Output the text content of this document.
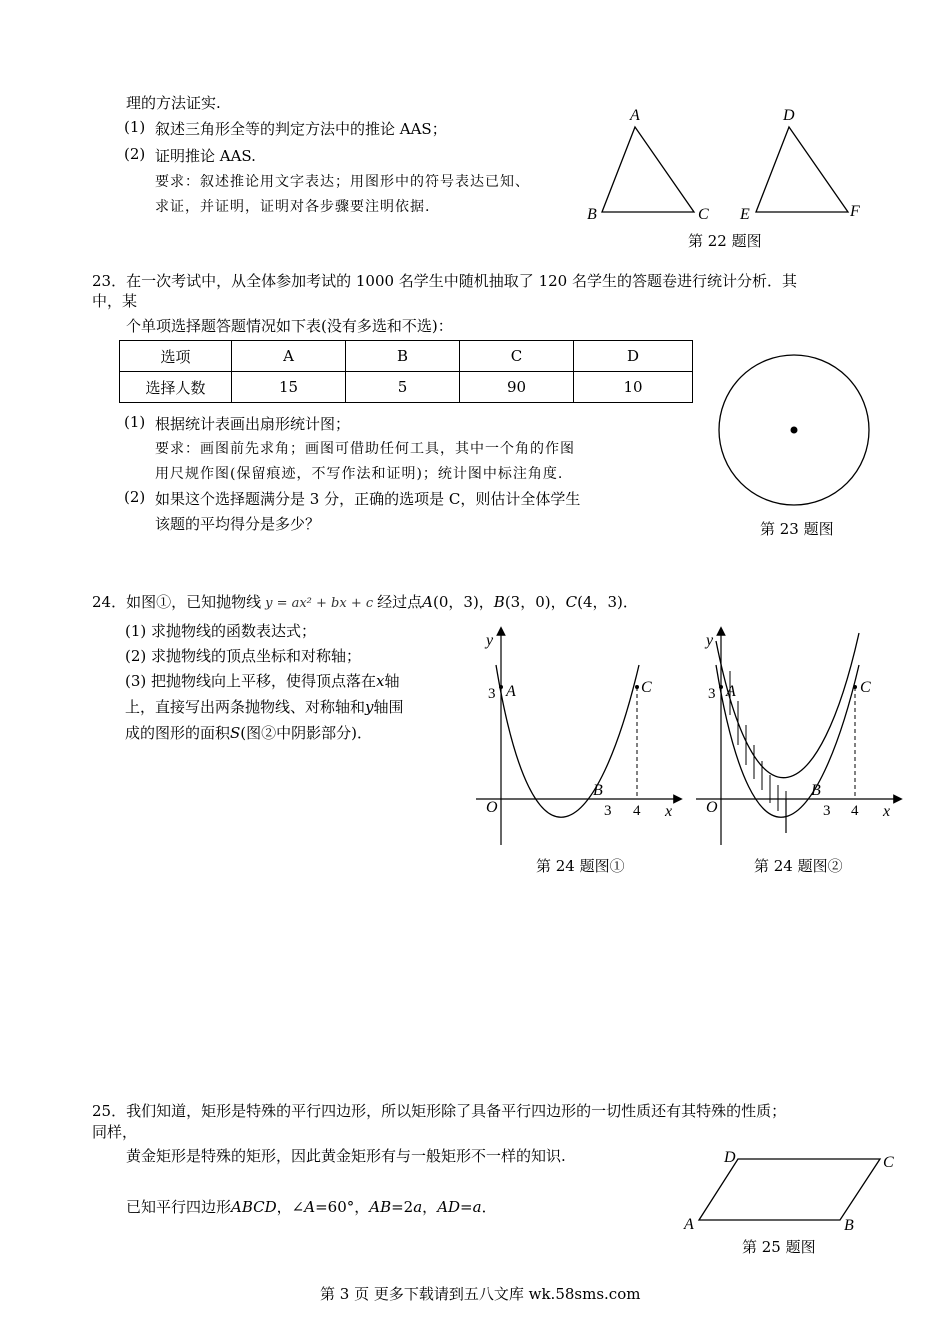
理的方法证实.
(1) 叙述三角形全等的判定方法中的推论 AAS；
(2) 证明推论 AAS.
要求：叙述推论用文字表达；用图形中的符号表达已知、
求证，并证明，证明对各步骤要注明依据.
A
B	C
D
E	F
第 22 题图
23．在一次考试中，从全体参加考试的 1000 名学生中随机抽取了 120 名学生的答题卷进行统计分析．其
中，某
个单项选择题答题情况如下表(没有多选和不选)：
选项	A	B	C	D
选择人数	15	5	90	10
(1) 根据统计表画出扇形统计图；
要求：画图前先求角；画图可借助任何工具，其中一个角的作图
用尺规作图(保留痕迹，不写作法和证明)；统计图中标注角度.
(2) 如果这个选择题满分是 3 分，正确的选项是 C，则估计全体学生
该题的平均得分是多少？	第 23 题图
24．如图①，已知抛物线 y = ax² + bx + c 经过点A(0，3)，B(3，0)，C(4，3)．
(1) 求抛物线的函数表达式；
(2) 求抛物线的顶点坐标和对称轴；
(3) 把抛物线向上平移，使得顶点落在x轴
上，直接写出两条抛物线、对称轴和y轴围
成的图形的面积S(图②中阴影部分)．
y
3 A	C
B
O	3 4 x
第 24 题图①
y
3 A	C
B
O	3 4 x
第 24 题图②
25．我们知道，矩形是特殊的平行四边形，所以矩形除了具备平行四边形的一切性质还有其特殊的性质；
同样，
黄金矩形是特殊的矩形，因此黄金矩形有与一般矩形不一样的知识.
已知平行四边形ABCD，∠A=60°，AB=2a，AD=a．
A	B
C
D
第 25 题图
第 3 页 更多下载请到五八文库 wk.58sms.com
